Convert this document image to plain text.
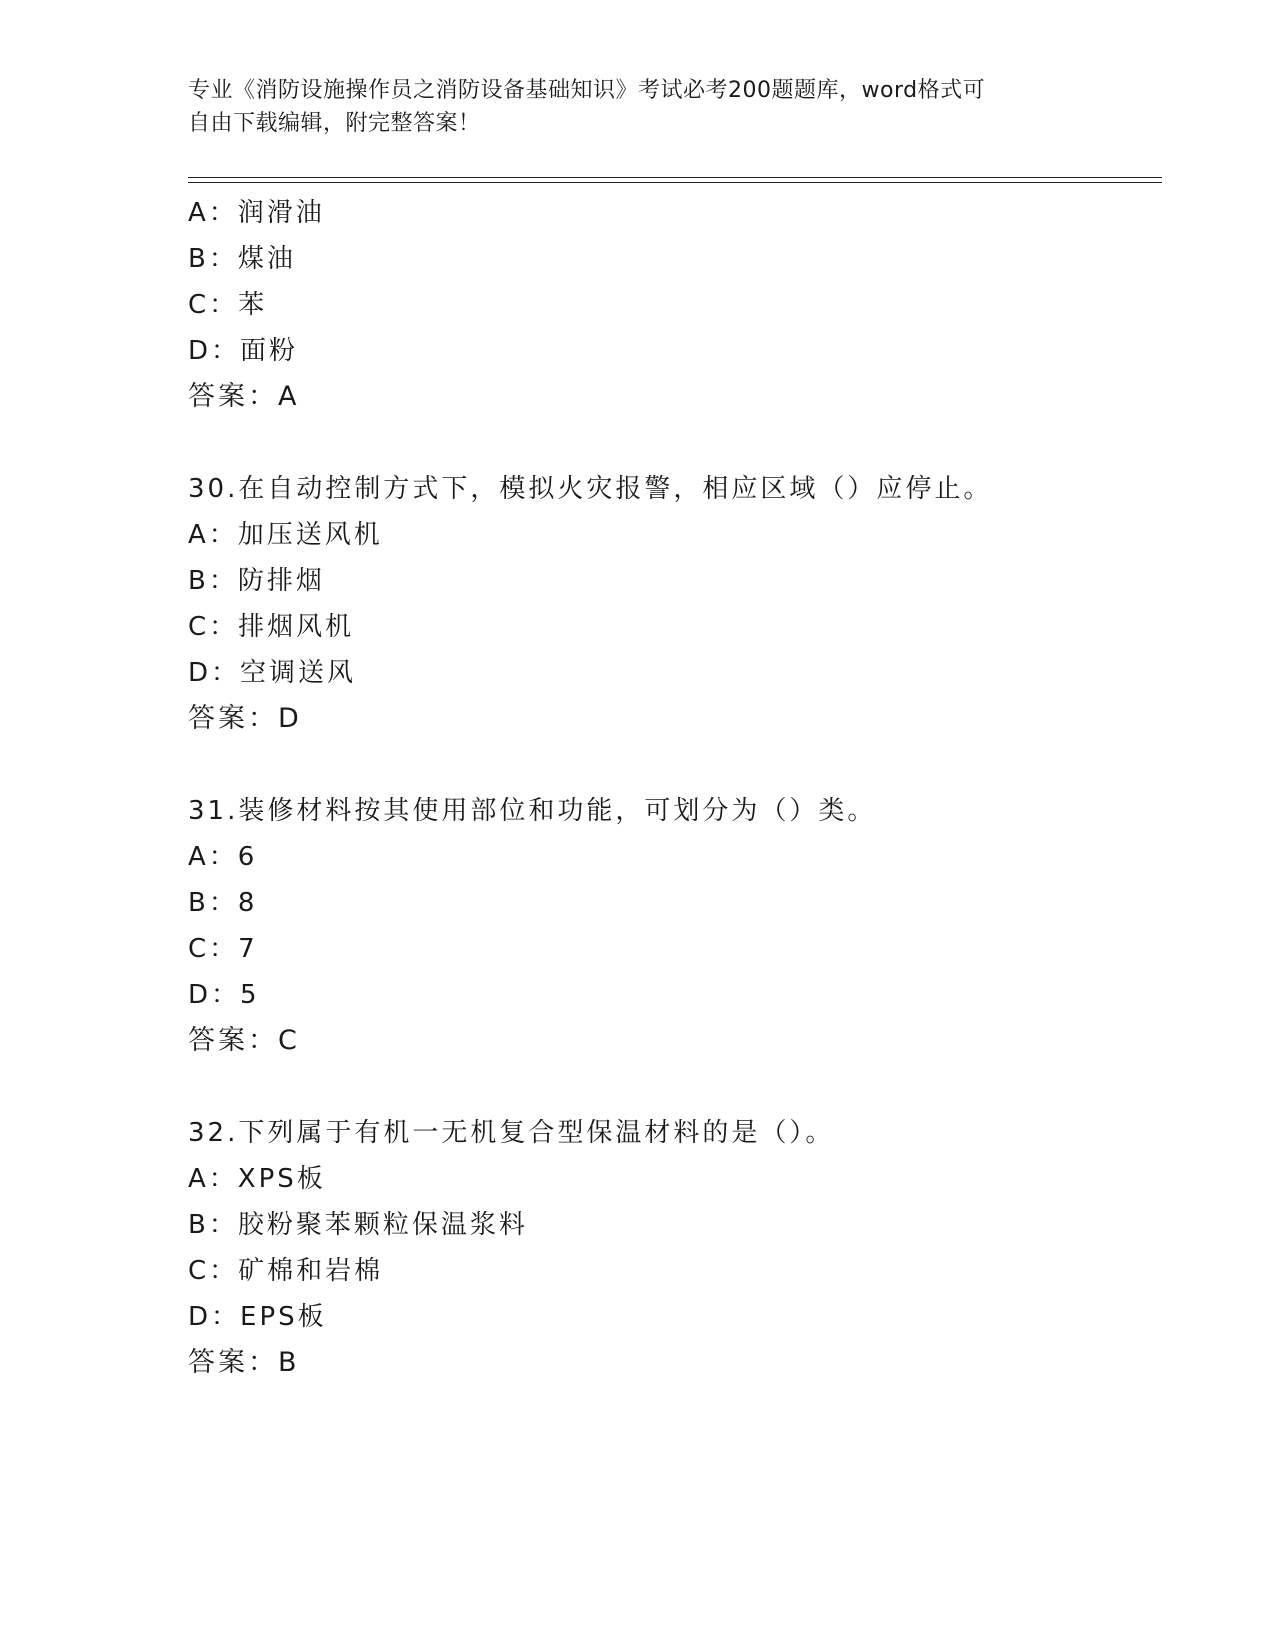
专业《消防设施操作员之消防设备基础知识》考试必考200题题库，word格式可
自由下载编辑，附完整答案！
A：润滑油
B：煤油
C：苯
D：面粉
答案：A
30.在自动控制方式下，模拟火灾报警，相应区域（）应停止。
A：加压送风机
B：防排烟
C：排烟风机
D：空调送风
答案：D
31.装修材料按其使用部位和功能，可划分为（）类。
A：6
B：8
C：7
D：5
答案：C
32.下列属于有机一无机复合型保温材料的是（）。
A：XPS板
B：胶粉聚苯颗粒保温浆料
C：矿棉和岩棉
D：EPS板
答案：B
